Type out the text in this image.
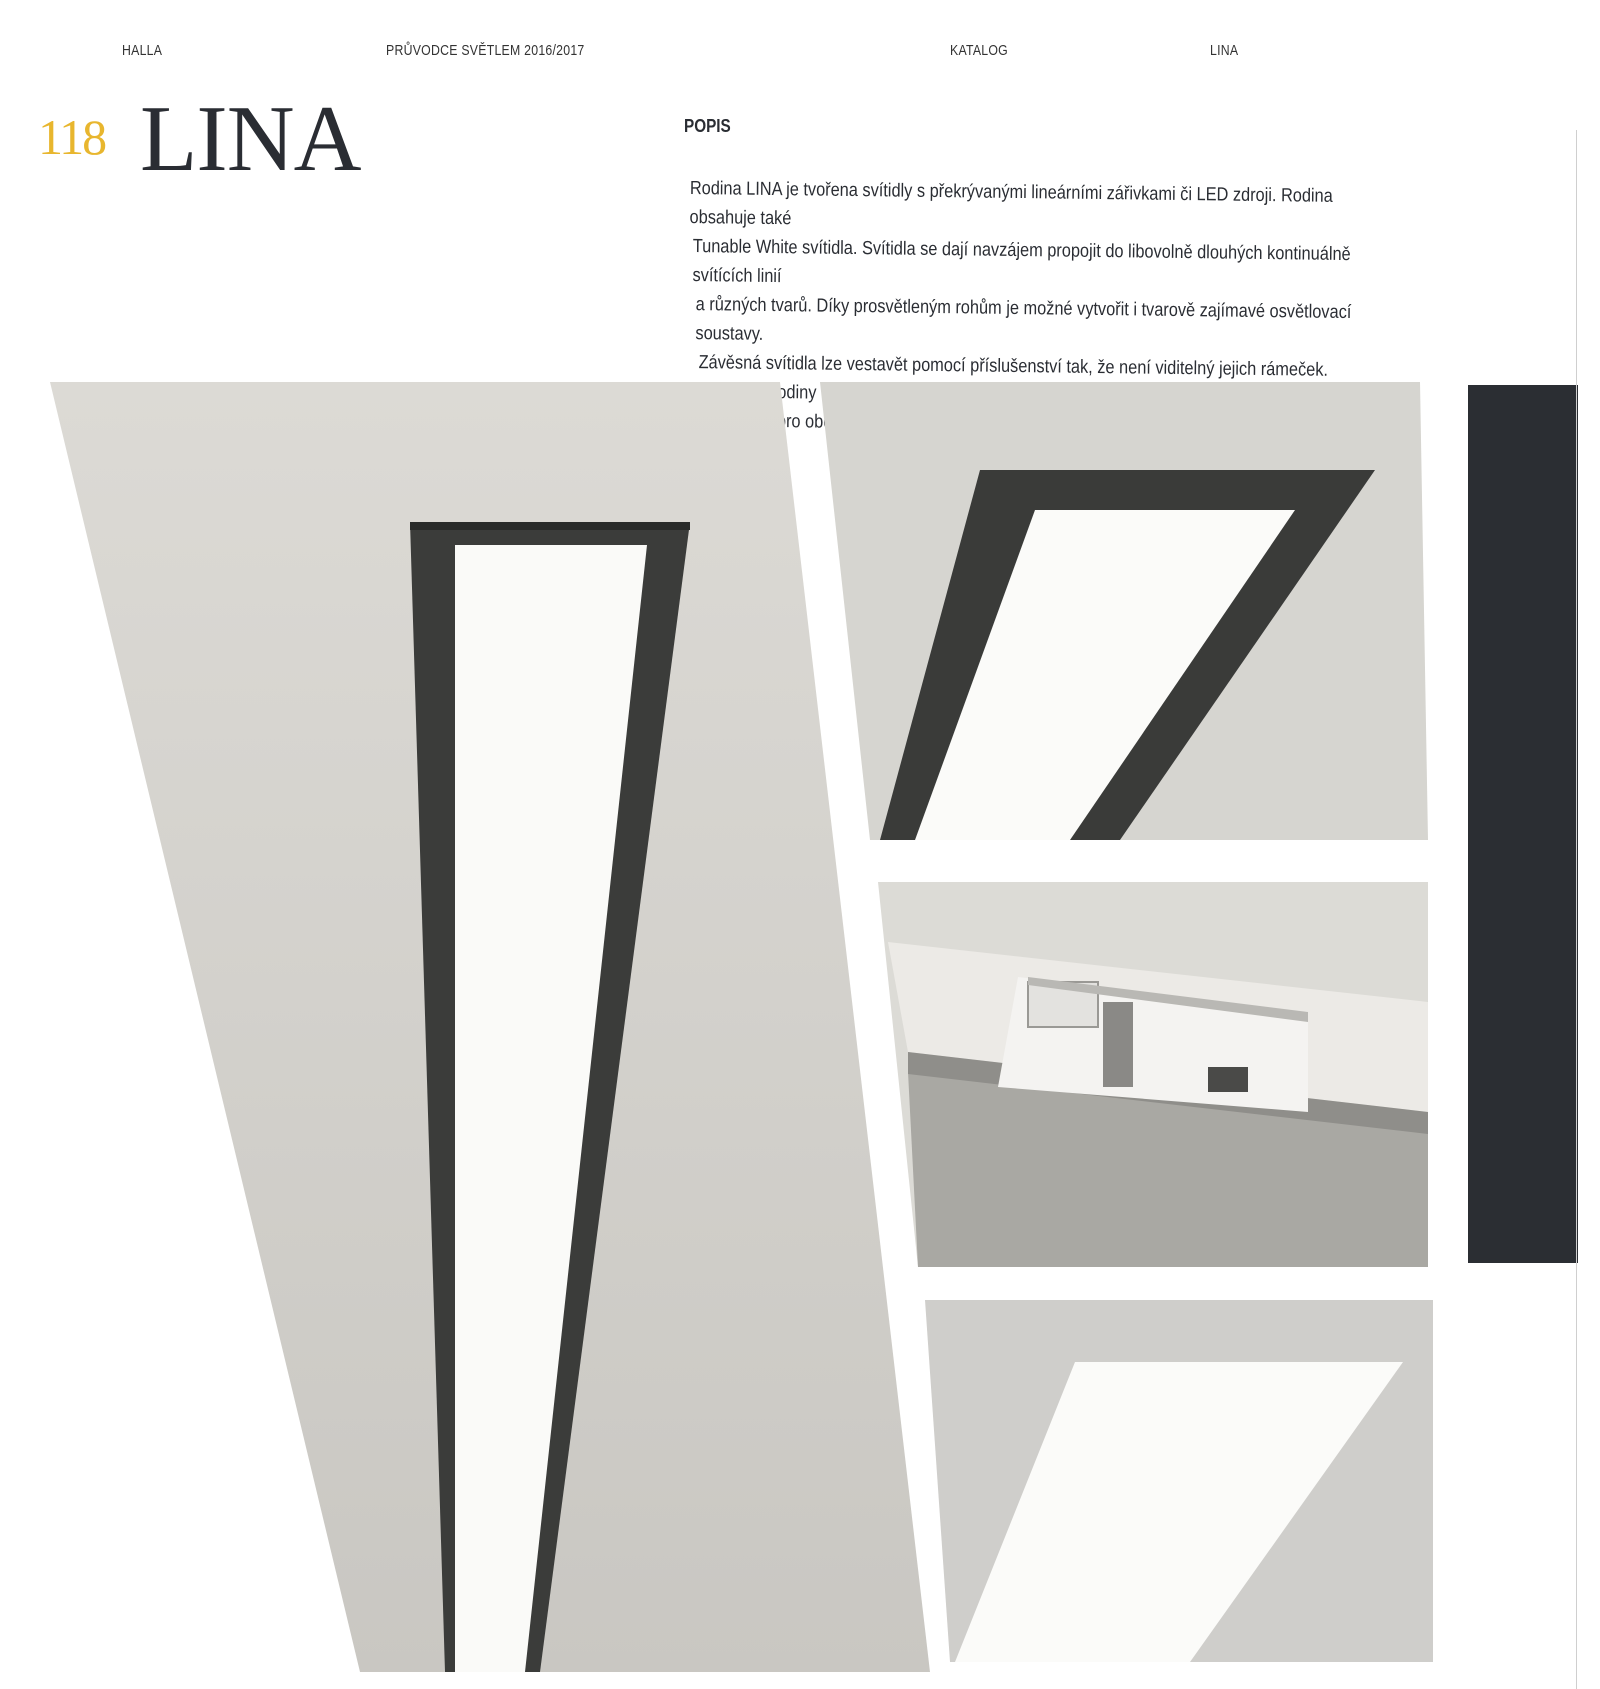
HALLA	PRŮVODCE SVĚTLEM 2016/2017	KATALOG	LINA
118 LINA	POPIS

Rodina LINA je tvořena svítidly s překrývanými lineárními zářivkami či LED zdroji. Rodina obsahuje také

Tunable White svítidla. Svítidla se dají navzájem propojit do libovolně dlouhých kontinuálně svítících linií

a různých tvarů. Díky prosvětleným rohům je možné vytvořit i tvarově zajímavé osvětlovací soustavy.

Závěsná svítidla lze vestavět pomocí příslušenství tak, že není viditelný jejich rámeček. rodiny

pro
